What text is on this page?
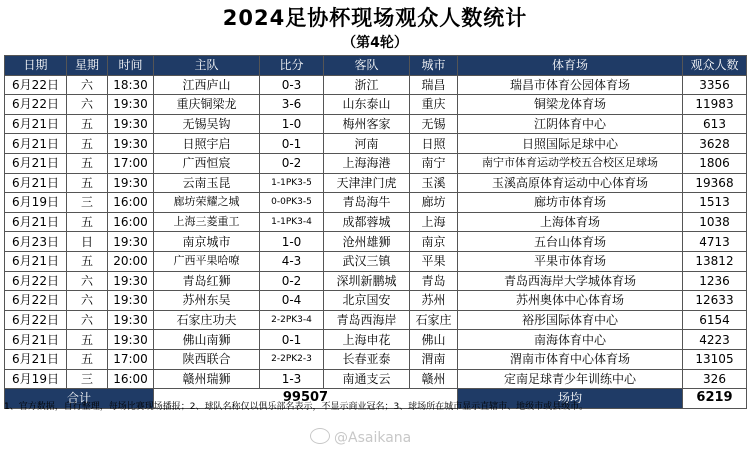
2024足协杯现场观众人数统计
（第4轮）
日期	星期	时间	主队	比分	客队	城市	体育场	观众人数
6月22日	六	18:30	江西庐山	0-3	浙江	瑞昌	瑞昌市体育公园体育场	3356
6月22日	六	19:30	重庆铜梁龙	3-6	山东泰山	重庆	铜梁龙体育场	11983
6月21日	五	19:30	无锡吴钩	1-0	梅州客家	无锡	江阴体育中心	613
6月21日	五	19:30	日照宇启	0-1	河南	日照	日照国际足球中心	3628
6月21日	五	17:00	广西恒宸	0-2	上海海港	南宁	南宁市体育运动学校五合校区足球场	1806
6月21日	五	19:30	云南玉昆	1-1PK3-5	天津津门虎	玉溪	玉溪高原体育运动中心体育场	19368
6月19日	三	16:00	廊坊荣耀之城	0-0PK3-5	青岛海牛	廊坊	廊坊市体育场	1513
6月21日	五	16:00	上海三菱重工	1-1PK3-4	成都蓉城	上海	上海体育场	1038
6月23日	日	19:30	南京城市	1-0	沧州雄狮	南京	五台山体育场	4713
6月21日	五	20:00	广西平果哈嘹	4-3	武汉三镇	平果	平果市体育场	13812
6月22日	六	19:30	青岛红狮	0-2	深圳新鹏城	青岛	青岛西海岸大学城体育场	1236
6月22日	六	19:30	苏州东吴	0-4	北京国安	苏州	苏州奥体中心体育场	12633
6月22日	六	19:30	石家庄功夫	2-2PK3-4	青岛西海岸	石家庄	裕彤国际体育中心	6154
6月21日	五	19:30	佛山南狮	0-1	上海申花	佛山	南海体育中心	4223
6月21日	五	17:00	陕西联合	2-2PK2-3	长春亚泰	渭南	渭南市体育中心体育场	13105
6月19日	三	16:00	赣州瑞狮	1-3	南通支云	赣州	定南足球青少年训练中心	326
合计			99507				场均	6219
1、官方数据，自行整理，每场比赛现场播报；2、球队名称仅以俱乐部名表示，不显示商业冠名；3、球场所在城市显示直辖市、地级市或县级市。
@Asaikana
